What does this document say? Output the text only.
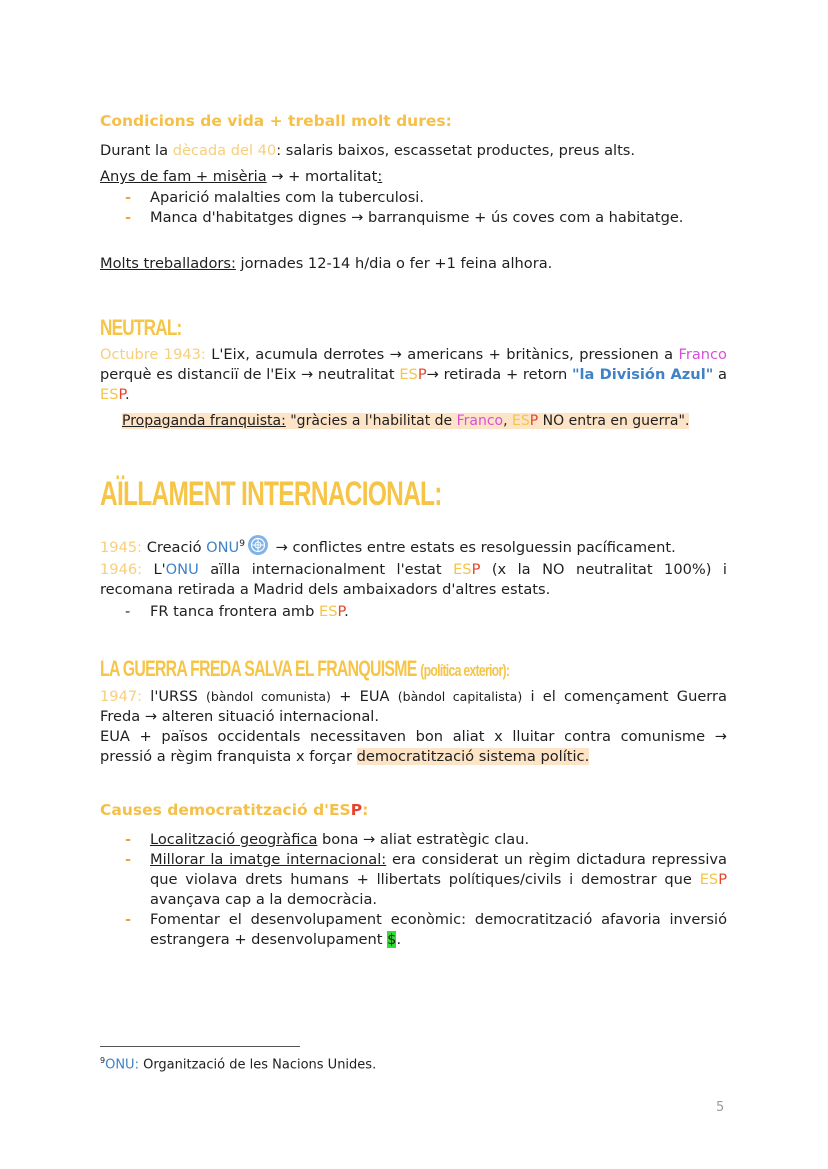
Condicions de vida + treball molt dures:
Durant la dècada del 40: salaris baixos, escassetat productes, preus alts.
Anys de fam + misèria → + mortalitat:
- Aparició malalties com la tuberculosi.
- Manca d'habitatges dignes → barranquisme + ús coves com a habitatge.
Molts treballadors: jornades 12-14 h/dia o fer +1 feina alhora.
NEUTRAL:
Octubre 1943: L'Eix, acumula derrotes → americans + britànics, pressionen a Franco perquè es distanciï de l'Eix → neutralitat ESP→ retirada + retorn "la División Azul" a ESP.
Propaganda franquista: "gràcies a l'habilitat de Franco, ESP NO entra en guerra".
AÏLLAMENT INTERNACIONAL:
1945: Creació $ONU^9$ → conflictes entre estats es resolguessin pacíficament.
1946: L'ONU aïlla internacionalment l'estat ESP (x la NO neutralitat 100%) i recomana retirada a Madrid dels ambaixadors d'altres estats.
- FR tanca frontera amb ESP.
LA GUERRA FREDA SALVA EL FRANQUISME (política exterior):
1947: l'URSS (bàndol comunista) + EUA (bàndol capitalista) i el començament Guerra Freda → alteren situació internacional.
EUA + països occidentals necessitaven bon aliat x lluitar contra comunisme → pressió a règim franquista x forçar democratització sistema polític.
Causes democratització d'ESP:
- Localització geogràfica bona → aliat estratègic clau.
- Millorar la imatge internacional: era considerat un règim dictadura repressiva que violava drets humans + llibertats polítiques/civils i demostrar que ESP avançava cap a la democràcia.
- Fomentar el desenvolupament econòmic: democratització afavoria inversió estrangera + desenvolupament $.
$^9$ONU: Organització de les Nacions Unides.
5
